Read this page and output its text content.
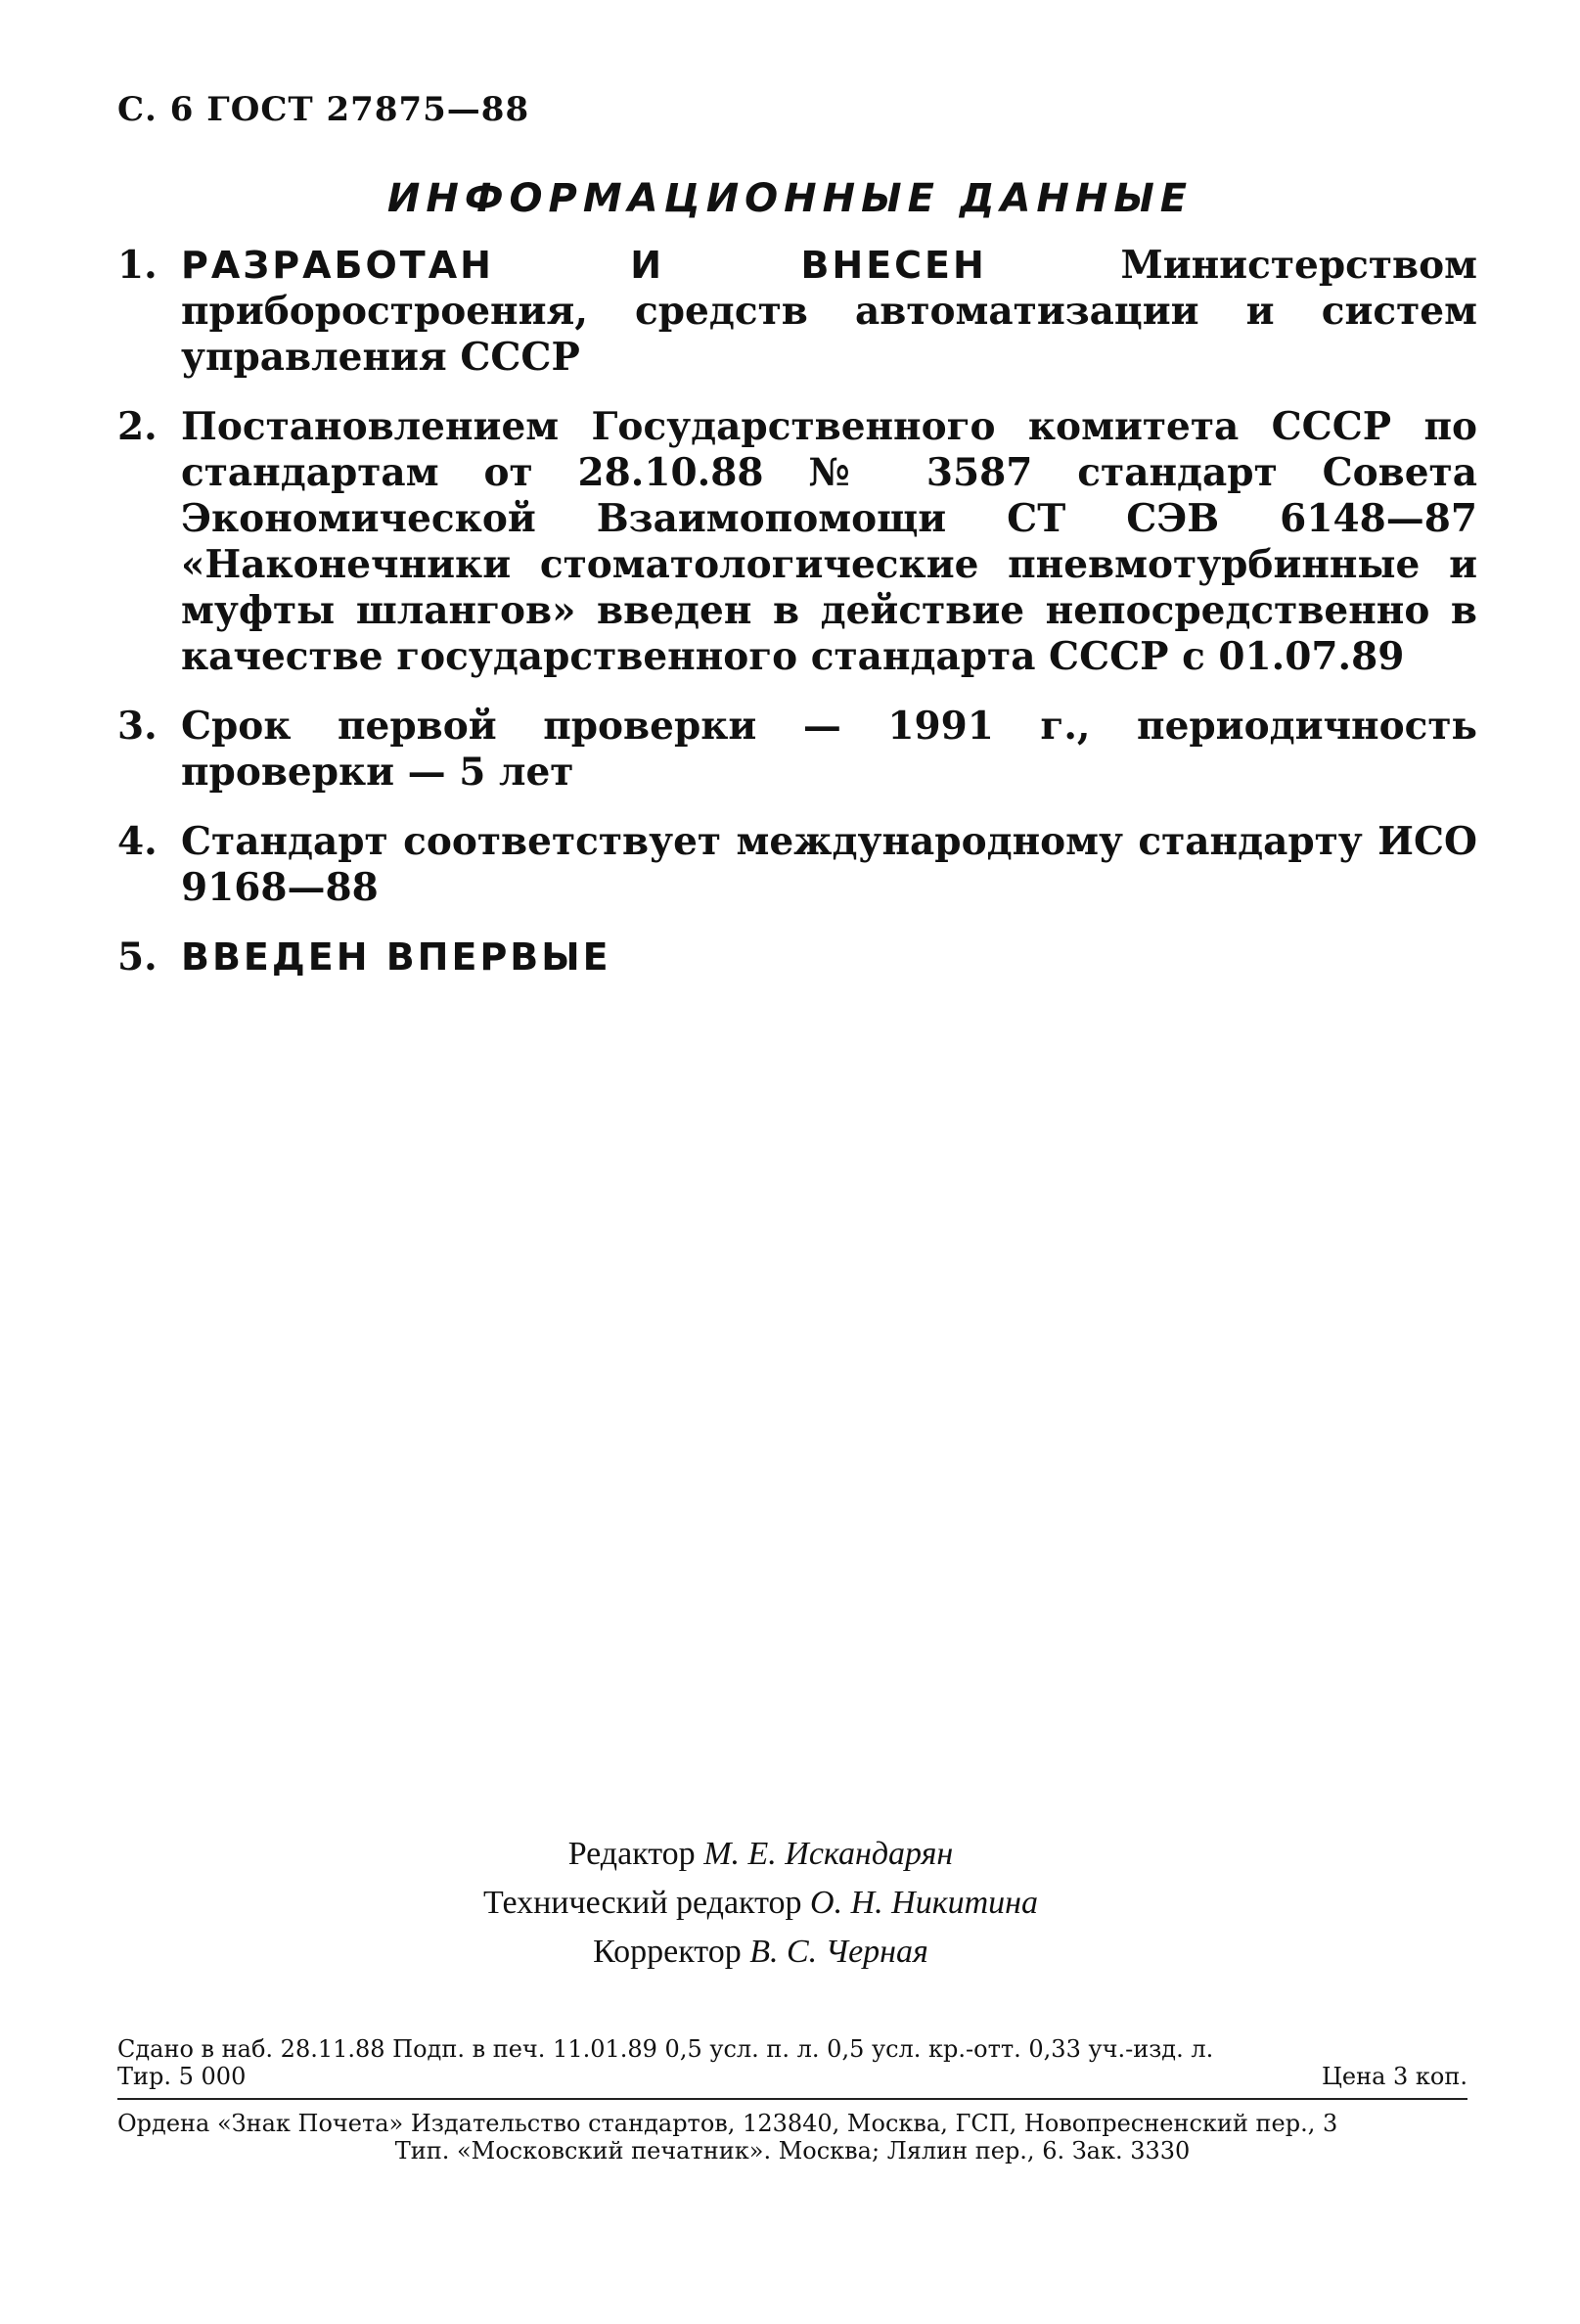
С. 6 ГОСТ 27875—88
ИНФОРМАЦИОННЫЕ ДАННЫЕ
1. РАЗРАБОТАН И ВНЕСЕН Министерством приборостроения, средств автоматизации и систем управления СССР
2. Постановлением Государственного комитета СССР по стандартам от 28.10.88 № 3587 стандарт Совета Экономической Взаимопомощи СТ СЭВ 6148—87 «Наконечники стоматологические пневмотурбинные и муфты шлангов» введен в действие непосредственно в качестве государственного стандарта СССР с 01.07.89
3. Срок первой проверки — 1991 г., периодичность проверки — 5 лет
4. Стандарт соответствует международному стандарту ИСО 9168—88
5. ВВЕДЕН ВПЕРВЫЕ
Редактор М. Е. Искандарян
Технический редактор О. Н. Никитина
Корректор В. С. Черная
Сдано в наб. 28.11.88 Подп. в печ. 11.01.89 0,5 усл. п. л. 0,5 усл. кр.-отт. 0,33 уч.-изд. л.
Тир. 5 000	Цена 3 коп.
Ордена «Знак Почета» Издательство стандартов, 123840, Москва, ГСП, Новопресненский пер., 3
Тип. «Московский печатник». Москва; Лялин пер., 6. Зак. 3330
